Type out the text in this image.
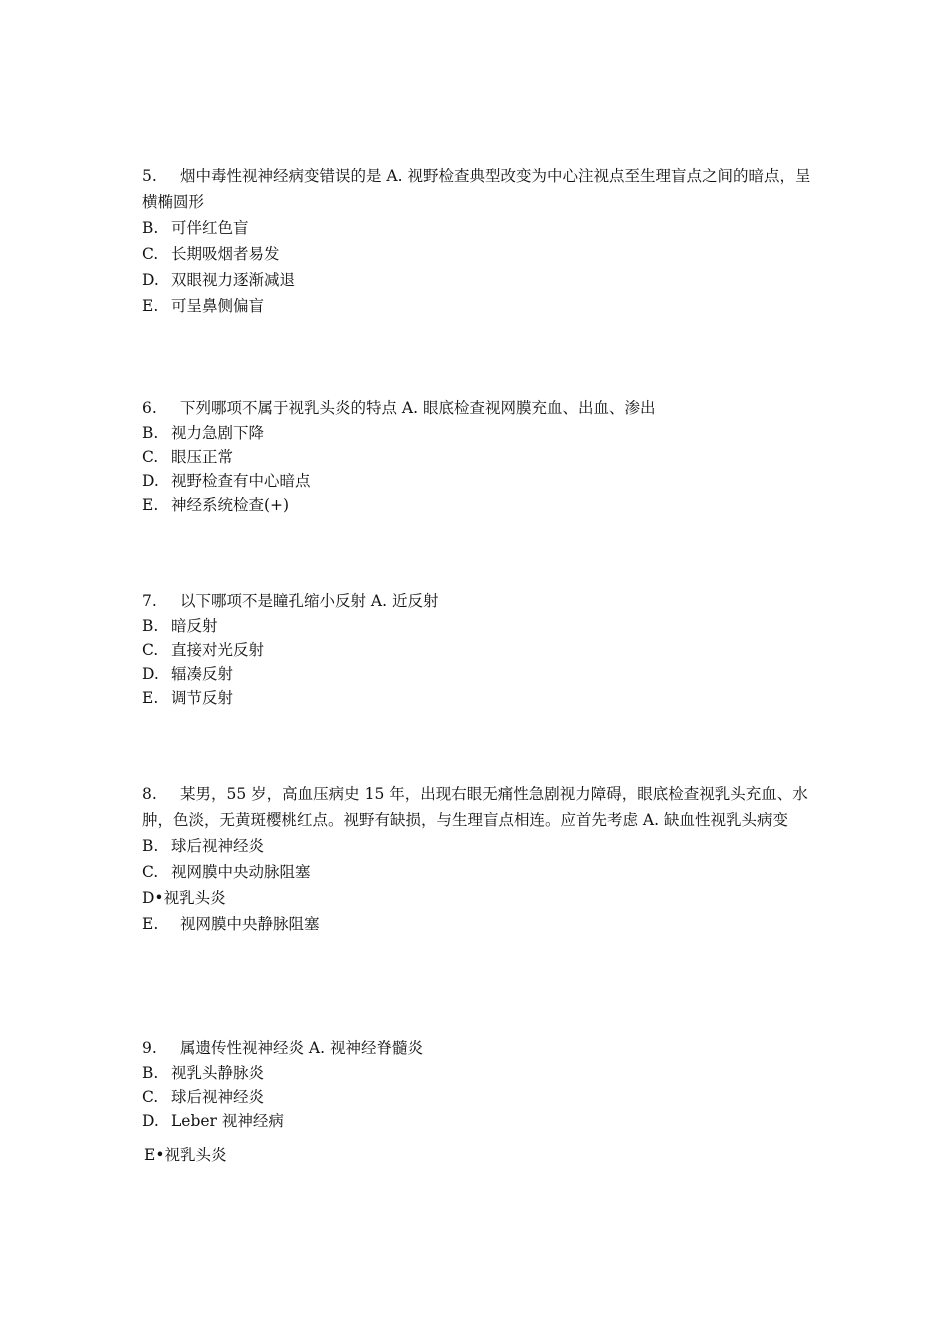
5. 烟中毒性视神经病变错误的是 A. 视野检查典型改变为中心注视点至生理盲点之间的暗点，呈横椭圆形

B. 可伴红色盲

C. 长期吸烟者易发

D. 双眼视力逐渐减退

E. 可呈鼻侧偏盲

6. 下列哪项不属于视乳头炎的特点 A. 眼底检查视网膜充血、出血、渗出

B. 视力急剧下降

C. 眼压正常

D. 视野检查有中心暗点

E. 神经系统检查(+)

7. 以下哪项不是瞳孔缩小反射 A. 近反射

B. 暗反射

C. 直接对光反射

D. 辐凑反射

E. 调节反射

8. 某男，55 岁，高血压病史 15 年，出现右眼无痛性急剧视力障碍，眼底检查视乳头充血、水肿，色淡，无黄斑樱桃红点。视野有缺损，与生理盲点相连。应首先考虑 A. 缺血性视乳头病变

B. 球后视神经炎

C. 视网膜中央动脉阻塞

D•视乳头炎

E. 视网膜中央静脉阻塞

9. 属遗传性视神经炎 A. 视神经脊髓炎

B. 视乳头静脉炎

C. 球后视神经炎

D. Leber 视神经病

E•视乳头炎
